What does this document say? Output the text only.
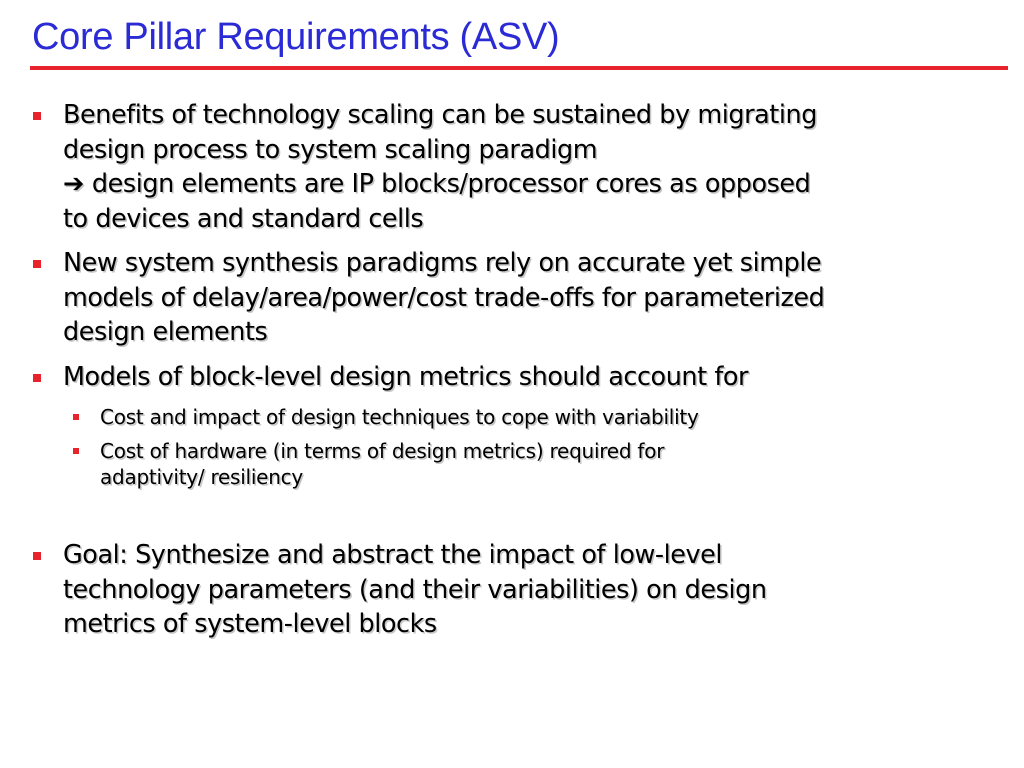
Core Pillar Requirements (ASV)
Benefits of technology scaling can be sustained by migrating
design process to system scaling paradigm
➔ design elements are IP blocks/processor cores as opposed
to devices and standard cells
New system synthesis paradigms rely on accurate yet simple
models of delay/area/power/cost trade-offs for parameterized
design elements
Models of block-level design metrics should account for
Cost and impact of design techniques to cope with variability
Cost of hardware (in terms of design metrics) required for
adaptivity/ resiliency
Goal: Synthesize and abstract the impact of low-level
technology parameters (and their variabilities) on design
metrics of system-level blocks
